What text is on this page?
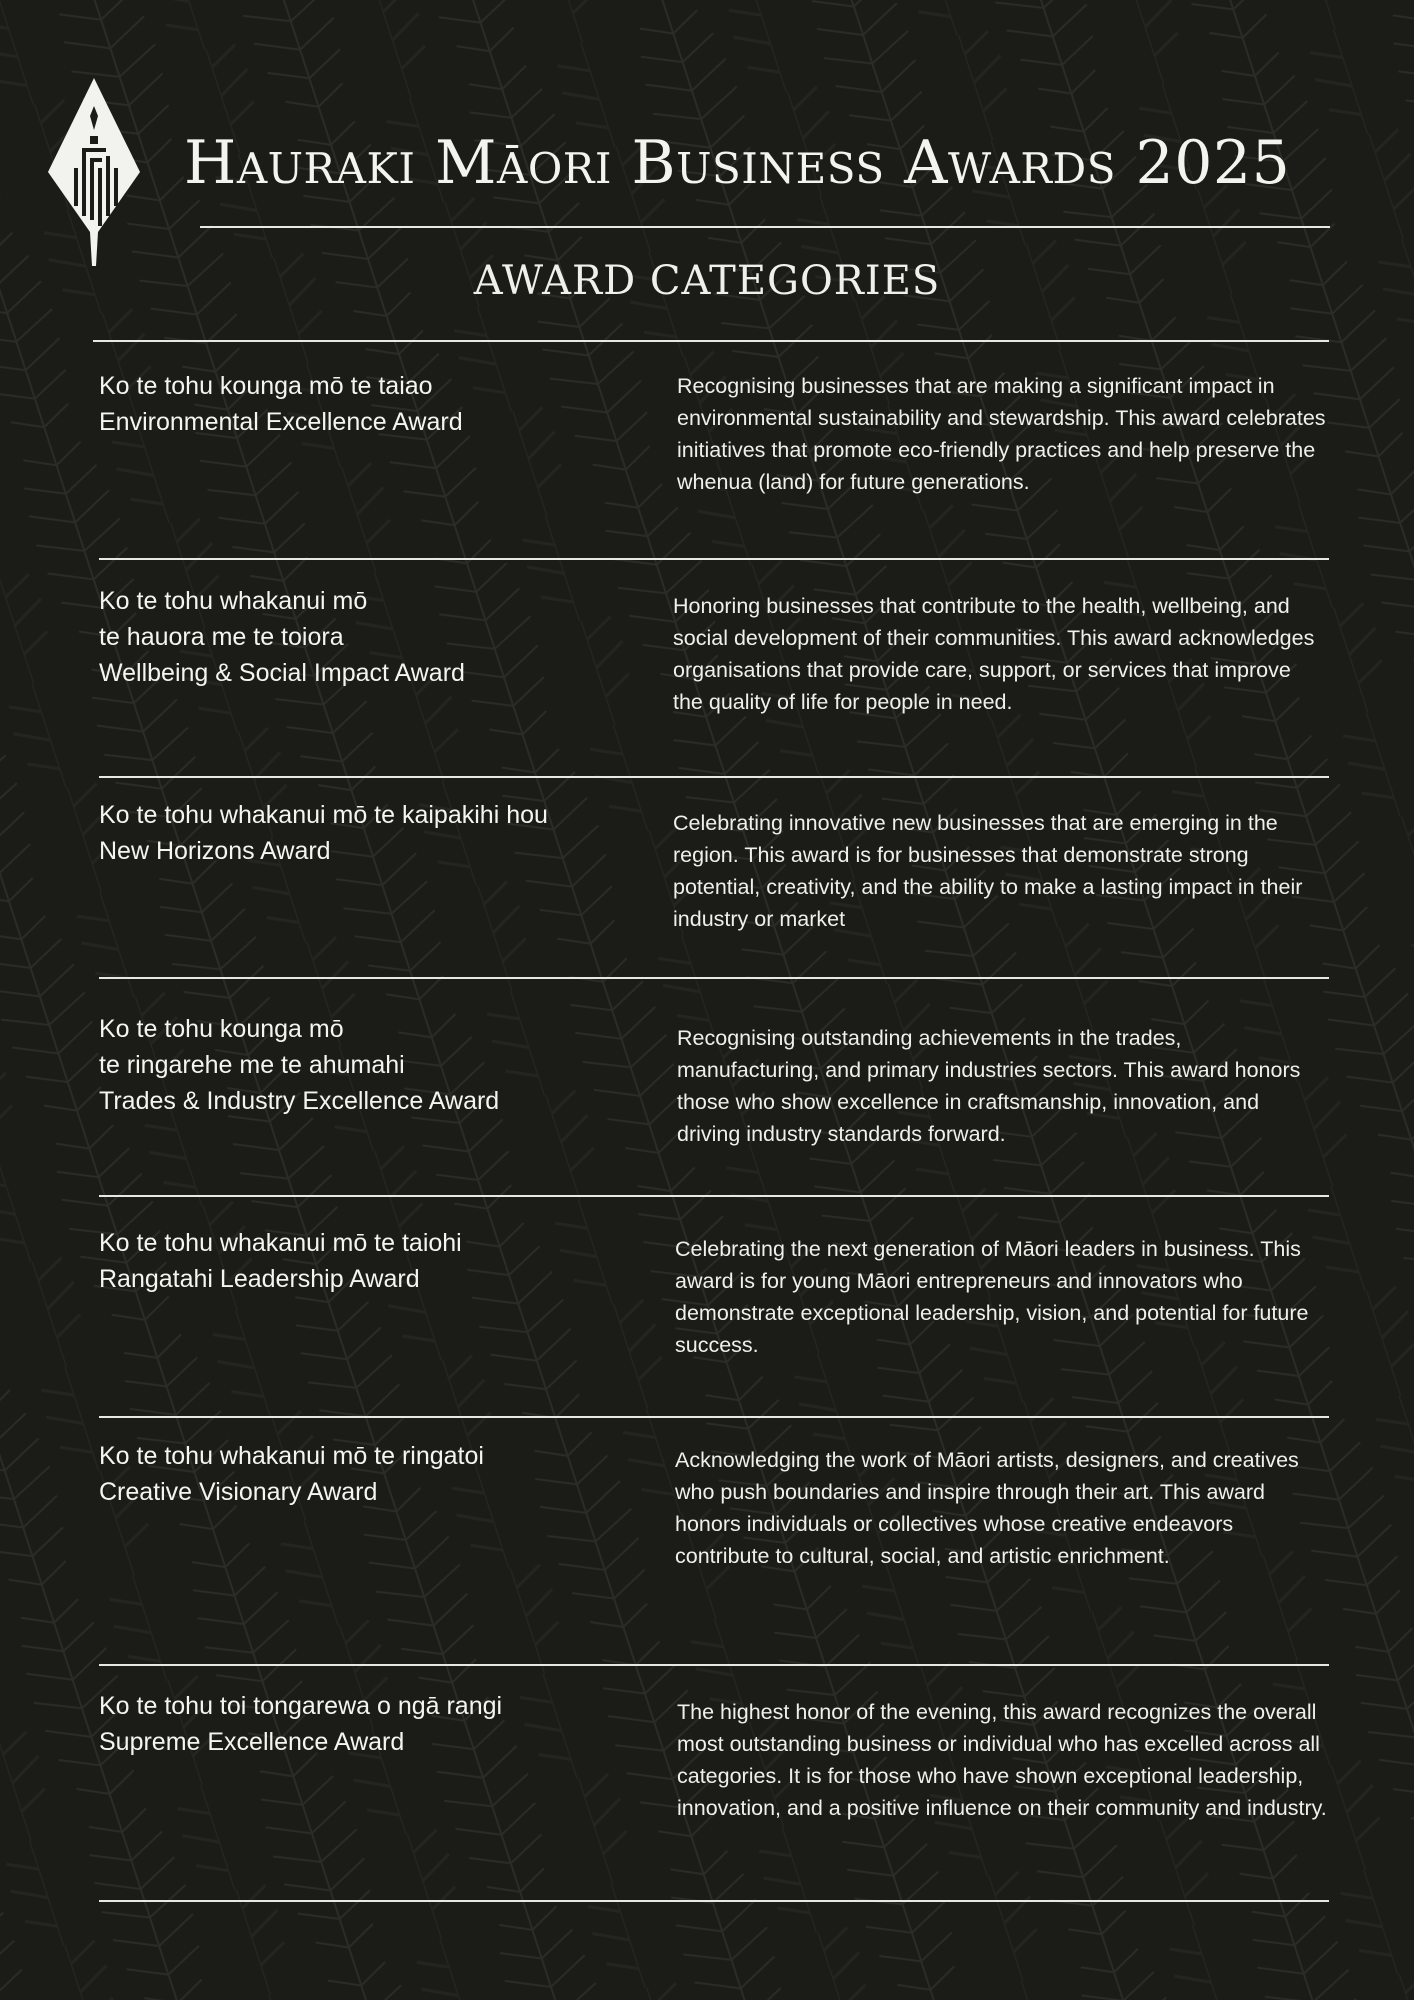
Hauraki Māori Business Awards 2025
AWARD CATEGORIES
Ko te tohu kounga mō te taiao
Environmental Excellence Award
Recognising businesses that are making a significant impact in environmental sustainability and stewardship. This award celebrates initiatives that promote eco-friendly practices and help preserve the whenua (land) for future generations.
Ko te tohu whakanui mō
te hauora me te toiora
Wellbeing & Social Impact Award
Honoring businesses that contribute to the health, wellbeing, and social development of their communities. This award acknowledges organisations that provide care, support, or services that improve the quality of life for people in need.
Ko te tohu whakanui mō te kaipakihi hou
New Horizons Award
Celebrating innovative new businesses that are emerging in the region. This award is for businesses that demonstrate strong potential, creativity, and the ability to make a lasting impact in their industry or market
Ko te tohu kounga mō
te ringarehe me te ahumahi
Trades & Industry Excellence Award
Recognising outstanding achievements in the trades, manufacturing, and primary industries sectors. This award honors those who show excellence in craftsmanship, innovation, and driving industry standards forward.
Ko te tohu whakanui mō te taiohi
Rangatahi Leadership Award
Celebrating the next generation of Māori leaders in business. This award is for young Māori entrepreneurs and innovators who demonstrate exceptional leadership, vision, and potential for future success.
Ko te tohu whakanui mō te ringatoi
Creative Visionary Award
Acknowledging the work of Māori artists, designers, and creatives who push boundaries and inspire through their art. This award honors individuals or collectives whose creative endeavors contribute to cultural, social, and artistic enrichment.
Ko te tohu toi tongarewa o ngā rangi
Supreme Excellence Award
The highest honor of the evening, this award recognizes the overall most outstanding business or individual who has excelled across all categories. It is for those who have shown exceptional leadership, innovation, and a positive influence on their community and industry.
